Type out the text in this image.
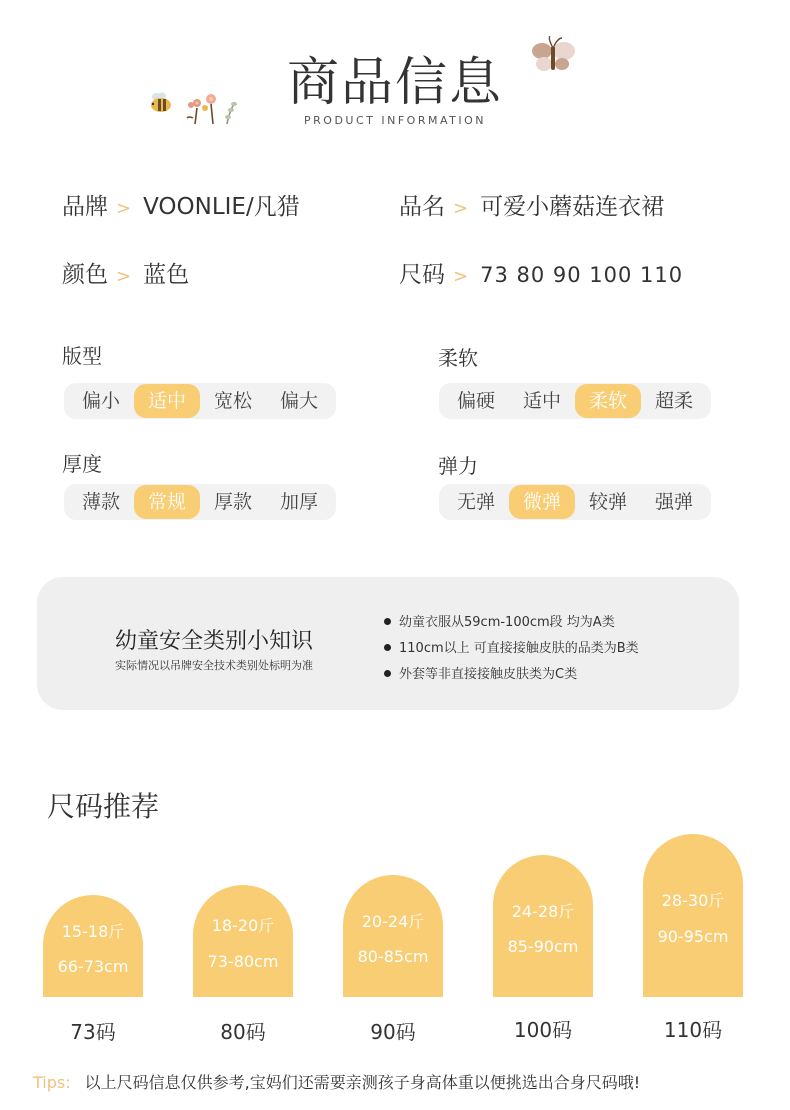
商品信息
PRODUCT INFORMATION
品牌 > VOONLIE/凡猎	品名 > 可爱小蘑菇连衣裙
颜色 > 蓝色	尺码 > 73 80 90 100 110
版型
偏小	适中	宽松	偏大
柔软
偏硬	适中	柔软	超柔
厚度
薄款	常规	厚款	加厚
弹力
无弹	微弹	较弹	强弹
幼童安全类别小知识
实际情况以吊牌安全技术类别处标明为准
幼童衣服从59cm-100cm段 均为A类
110cm以上 可直接接触皮肤的品类为B类
外套等非直接接触皮肤类为C类
尺码推荐
15-18斤
66-73cm
18-20斤
73-80cm
20-24斤
80-85cm
24-28斤
85-90cm
28-30斤
90-95cm
73码	80码	90码	100码	110码
Tips: 以上尺码信息仅供参考,宝妈们还需要亲测孩子身高体重以便挑选出合身尺码哦!
